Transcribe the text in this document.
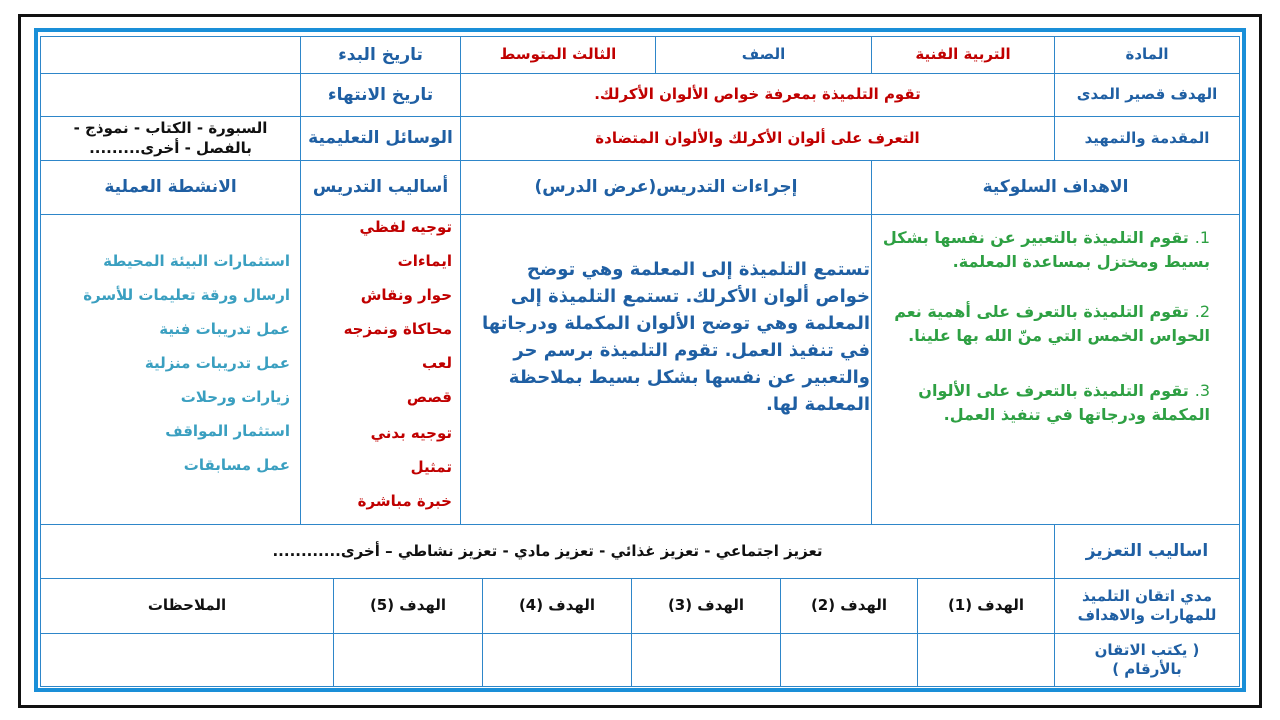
المادة
التربية الفنية
الصف
الثالث المتوسط
تاريخ البدء
الهدف قصير المدى
تقوم التلميذة بمعرفة خواص الألوان الأكرلك.
تاريخ الانتهاء
المقدمة والتمهيد
التعرف على ألوان الأكرلك والألوان المتضادة
الوسائل التعليمية
السبورة - الكتاب - نموذج - بالفصل - أخرى.........
الاهداف السلوكية
إجراءات التدريس(عرض الدرس)
أساليب التدريس
الانشطة العملية
1.تقوم التلميذة بالتعبير عن نفسها بشكل بسيط ومختزل بمساعدة المعلمة.
2.تقوم التلميذة بالتعرف على أهمية نعم الحواس الخمس التي منّ الله بها علينا.
3.تقوم التلميذة بالتعرف على الألوان المكملة ودرجاتها في تنفيذ العمل.
تستمع التلميذة إلى المعلمة وهي توضح خواص ألوان الأكرلك. تستمع التلميذة إلى المعلمة وهي توضح الألوان المكملة ودرجاتها في تنفيذ العمل. تقوم التلميذة برسم حر والتعبير عن نفسها بشكل بسيط بملاحظة المعلمة لها.
توجيه لفظي
ايماءات
حوار ونقاش
محاكاة ونمزجه
لعب
قصص
توجيه بدني
تمثيل
خبرة مباشرة
استثمارات البيئة المحيطة
ارسال ورقة تعليمات للأسرة
عمل تدريبات فنية
عمل تدريبات منزلية
زيارات ورحلات
استثمار المواقف
عمل مسابقات
اساليب التعزيز
تعزيز اجتماعي - تعزيز غذائي - تعزيز مادي - تعزيز نشاطي – أخرى............
مدي اتقان التلميذ للمهارات والاهداف
الهدف (1)
الهدف (2)
الهدف (3)
الهدف (4)
الهدف (5)
الملاحظات
( يكتب الاتقان بالأرقام )
